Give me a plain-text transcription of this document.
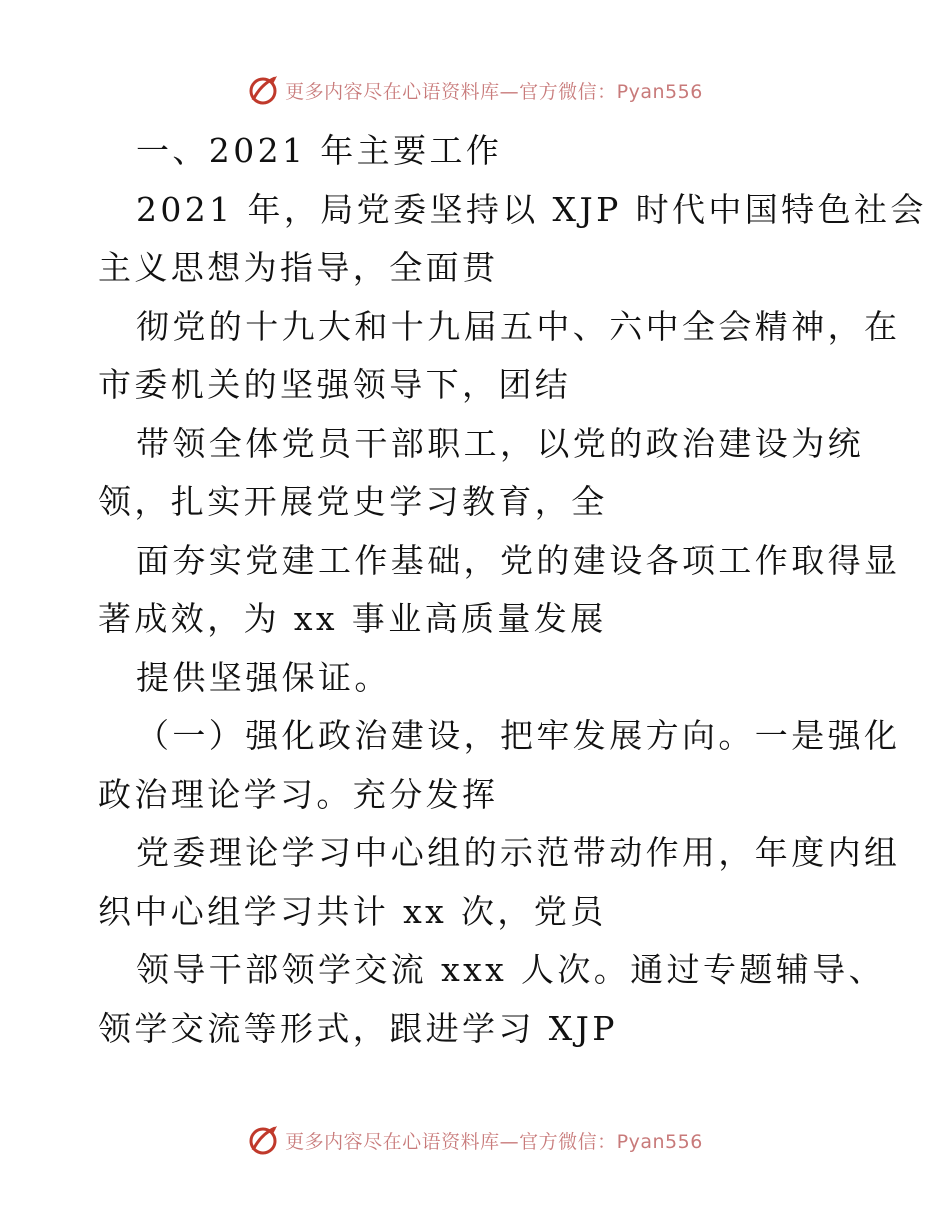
更多内容尽在心语资料库—官方微信：Pyan556
一、2021 年主要工作
2021 年，局党委坚持以 XJP 时代中国特色社会
主义思想为指导，全面贯
彻党的十九大和十九届五中、六中全会精神，在
市委机关的坚强领导下，团结
带领全体党员干部职工，以党的政治建设为统
领，扎实开展党史学习教育，全
面夯实党建工作基础，党的建设各项工作取得显
著成效，为 xx 事业高质量发展
提供坚强保证。
（一）强化政治建设，把牢发展方向。一是强化
政治理论学习。充分发挥
党委理论学习中心组的示范带动作用，年度内组
织中心组学习共计 xx 次，党员
领导干部领学交流 xxx 人次。通过专题辅导、
领学交流等形式，跟进学习 XJP
更多内容尽在心语资料库—官方微信：Pyan556
